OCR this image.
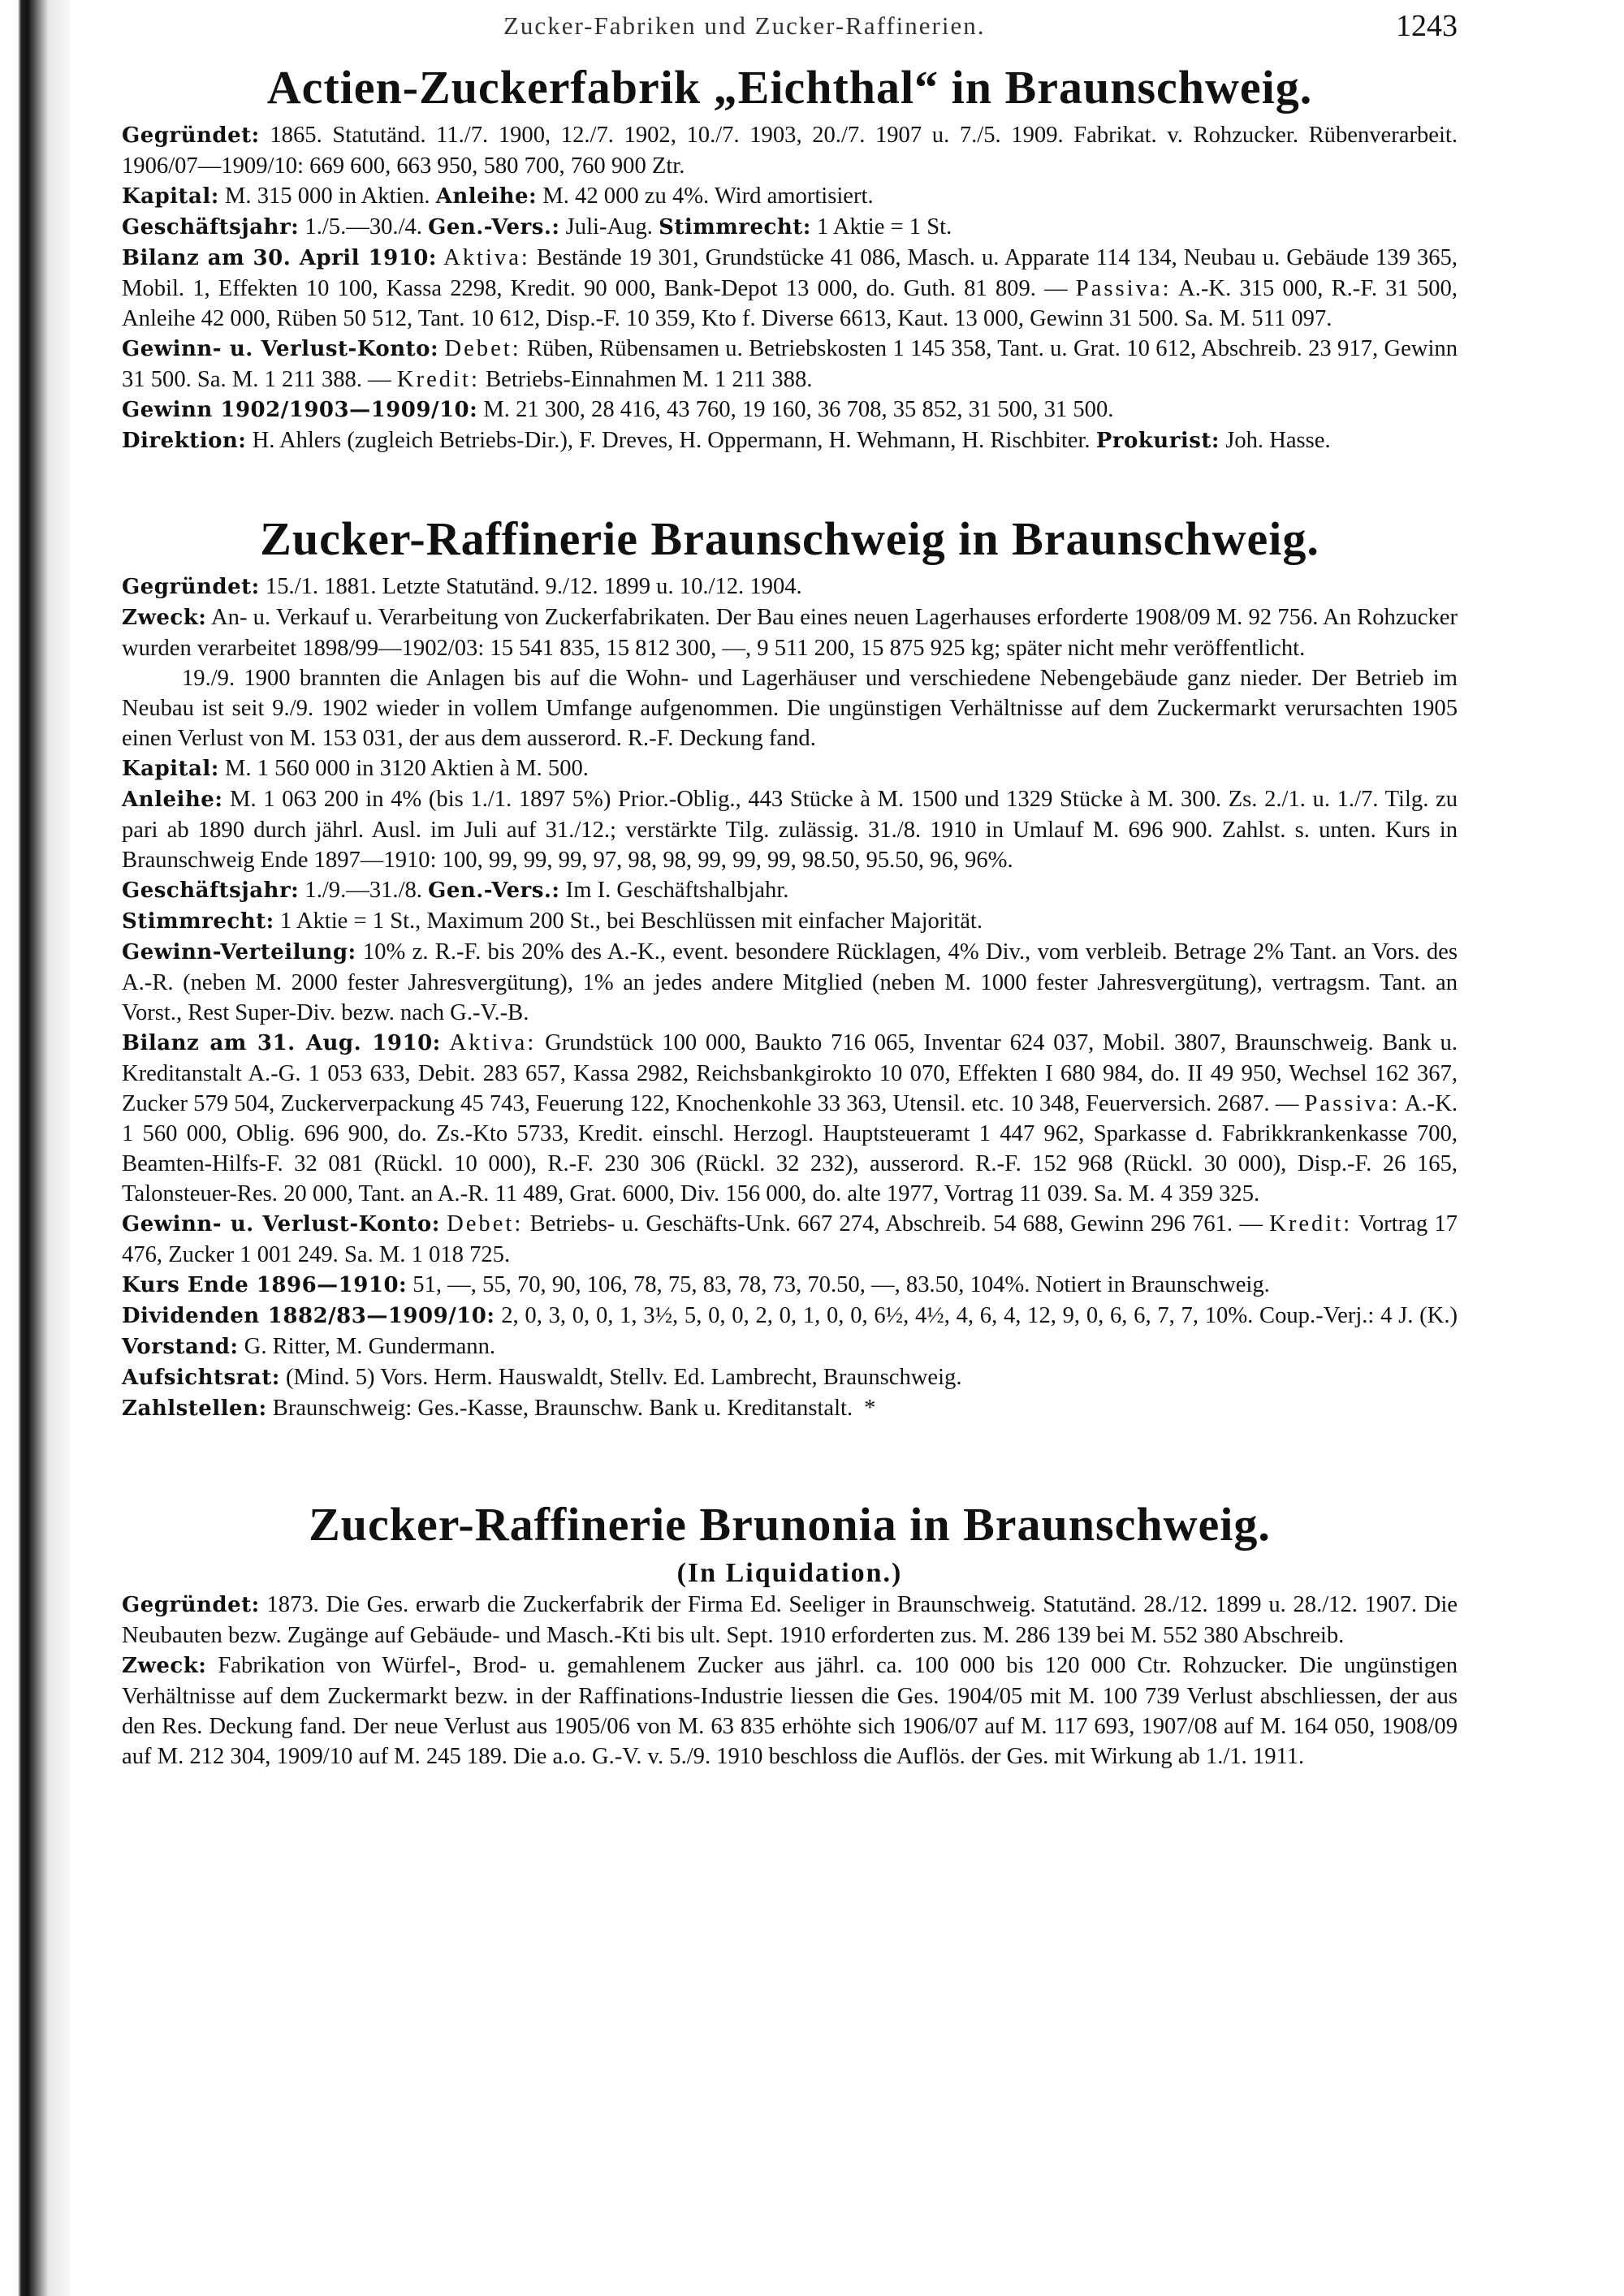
Zucker-Fabriken und Zucker-Raffinerien.	1243
Actien-Zuckerfabrik „Eichthal“ in Braunschweig.

Gegründet: 1865. Statutänd. 11./7. 1900, 12./7. 1902, 10./7. 1903, 20./7. 1907 u. 7./5. 1909. Fabrikat. v. Rohzucker. Rübenverarbeit. 1906/07—1909/10: 669 600, 663 950, 580 700, 760 900 Ztr.

Kapital: M. 315 000 in Aktien. Anleihe: M. 42 000 zu 4%. Wird amortisiert.

Geschäftsjahr: 1./5.—30./4. Gen.-Vers.: Juli-Aug. Stimmrecht: 1 Aktie = 1 St.

Bilanz am 30. April 1910: Aktiva: Bestände 19 301, Grundstücke 41 086, Masch. u. Apparate 114 134, Neubau u. Gebäude 139 365, Mobil. 1, Effekten 10 100, Kassa 2298, Kredit. 90 000, Bank-Depot 13 000, do. Guth. 81 809. — Passiva: A.-K. 315 000, R.-F. 31 500, Anleihe 42 000, Rüben 50 512, Tant. 10 612, Disp.-F. 10 359, Kto f. Diverse 6613, Kaut. 13 000, Gewinn 31 500. Sa. M. 511 097.

Gewinn- u. Verlust-Konto: Debet: Rüben, Rübensamen u. Betriebskosten 1 145 358, Tant. u. Grat. 10 612, Abschreib. 23 917, Gewinn 31 500. Sa. M. 1 211 388. — Kredit: Betriebs-Einnahmen M. 1 211 388.

Gewinn 1902/1903—1909/10: M. 21 300, 28 416, 43 760, 19 160, 36 708, 35 852, 31 500, 31 500.

Direktion: H. Ahlers (zugleich Betriebs-Dir.), F. Dreves, H. Oppermann, H. Wehmann, H. Rischbiter. Prokurist: Joh. Hasse.

Zucker-Raffinerie Braunschweig in Braunschweig.

Gegründet: 15./1. 1881. Letzte Statutänd. 9./12. 1899 u. 10./12. 1904.

Zweck: An- u. Verkauf u. Verarbeitung von Zuckerfabrikaten. Der Bau eines neuen Lagerhauses erforderte 1908/09 M. 92 756. An Rohzucker wurden verarbeitet 1898/99—1902/03: 15 541 835, 15 812 300, —, 9 511 200, 15 875 925 kg; später nicht mehr veröffentlicht.

19./9. 1900 brannten die Anlagen bis auf die Wohn- und Lagerhäuser und verschiedene Nebengebäude ganz nieder. Der Betrieb im Neubau ist seit 9./9. 1902 wieder in vollem Umfange aufgenommen. Die ungünstigen Verhältnisse auf dem Zuckermarkt verursachten 1905 einen Verlust von M. 153 031, der aus dem ausserord. R.-F. Deckung fand.

Kapital: M. 1 560 000 in 3120 Aktien à M. 500.

Anleihe: M. 1 063 200 in 4% (bis 1./1. 1897 5%) Prior.-Oblig., 443 Stücke à M. 1500 und 1329 Stücke à M. 300. Zs. 2./1. u. 1./7. Tilg. zu pari ab 1890 durch jährl. Ausl. im Juli auf 31./12.; verstärkte Tilg. zulässig. 31./8. 1910 in Umlauf M. 696 900. Zahlst. s. unten. Kurs in Braunschweig Ende 1897—1910: 100, 99, 99, 99, 97, 98, 98, 99, 99, 99, 98.50, 95.50, 96, 96%.

Geschäftsjahr: 1./9.—31./8. Gen.-Vers.: Im I. Geschäftshalbjahr.

Stimmrecht: 1 Aktie = 1 St., Maximum 200 St., bei Beschlüssen mit einfacher Majorität.

Gewinn-Verteilung: 10% z. R.-F. bis 20% des A.-K., event. besondere Rücklagen, 4% Div., vom verbleib. Betrage 2% Tant. an Vors. des A.-R. (neben M. 2000 fester Jahresvergütung), 1% an jedes andere Mitglied (neben M. 1000 fester Jahresvergütung), vertragsm. Tant. an Vorst., Rest Super-Div. bezw. nach G.-V.-B.

Bilanz am 31. Aug. 1910: Aktiva: Grundstück 100 000, Baukto 716 065, Inventar 624 037, Mobil. 3807, Braunschweig. Bank u. Kreditanstalt A.-G. 1 053 633, Debit. 283 657, Kassa 2982, Reichsbankgirokto 10 070, Effekten I 680 984, do. II 49 950, Wechsel 162 367, Zucker 579 504, Zuckerverpackung 45 743, Feuerung 122, Knochenkohle 33 363, Utensil. etc. 10 348, Feuerversich. 2687. — Passiva: A.-K. 1 560 000, Oblig. 696 900, do. Zs.-Kto 5733, Kredit. einschl. Herzogl. Hauptsteueramt 1 447 962, Sparkasse d. Fabrikkrankenkasse 700, Beamten-Hilfs-F. 32 081 (Rückl. 10 000), R.-F. 230 306 (Rückl. 32 232), ausserord. R.-F. 152 968 (Rückl. 30 000), Disp.-F. 26 165, Talonsteuer-Res. 20 000, Tant. an A.-R. 11 489, Grat. 6000, Div. 156 000, do. alte 1977, Vortrag 11 039. Sa. M. 4 359 325.

Gewinn- u. Verlust-Konto: Debet: Betriebs- u. Geschäfts-Unk. 667 274, Abschreib. 54 688, Gewinn 296 761. — Kredit: Vortrag 17 476, Zucker 1 001 249. Sa. M. 1 018 725.

Kurs Ende 1896—1910: 51, —, 55, 70, 90, 106, 78, 75, 83, 78, 73, 70.50, —, 83.50, 104%. Notiert in Braunschweig.

Dividenden 1882/83—1909/10: 2, 0, 3, 0, 0, 1, 3½, 5, 0, 0, 2, 0, 1, 0, 0, 6½, 4½, 4, 6, 4, 12, 9, 0, 6, 6, 7, 7, 10%. Coup.-Verj.: 4 J. (K.) Vorstand: G. Ritter, M. Gundermann.

Aufsichtsrat: (Mind. 5) Vors. Herm. Hauswaldt, Stellv. Ed. Lambrecht, Braunschweig.

Zahlstellen: Braunschweig: Ges.-Kasse, Braunschw. Bank u. Kreditanstalt. *

Zucker-Raffinerie Brunonia in Braunschweig.
(In Liquidation.)

Gegründet: 1873. Die Ges. erwarb die Zuckerfabrik der Firma Ed. Seeliger in Braunschweig. Statutänd. 28./12. 1899 u. 28./12. 1907. Die Neubauten bezw. Zugänge auf Gebäude- und Masch.-Kti bis ult. Sept. 1910 erforderten zus. M. 286 139 bei M. 552 380 Abschreib.

Zweck: Fabrikation von Würfel-, Brod- u. gemahlenem Zucker aus jährl. ca. 100 000 bis 120 000 Ctr. Rohzucker. Die ungünstigen Verhältnisse auf dem Zuckermarkt bezw. in der Raffinations-Industrie liessen die Ges. 1904/05 mit M. 100 739 Verlust abschliessen, der aus den Res. Deckung fand. Der neue Verlust aus 1905/06 von M. 63 835 erhöhte sich 1906/07 auf M. 117 693, 1907/08 auf M. 164 050, 1908/09 auf M. 212 304, 1909/10 auf M. 245 189. Die a.o. G.-V. v. 5./9. 1910 beschloss die Auflös. der Ges. mit Wirkung ab 1./1. 1911.
